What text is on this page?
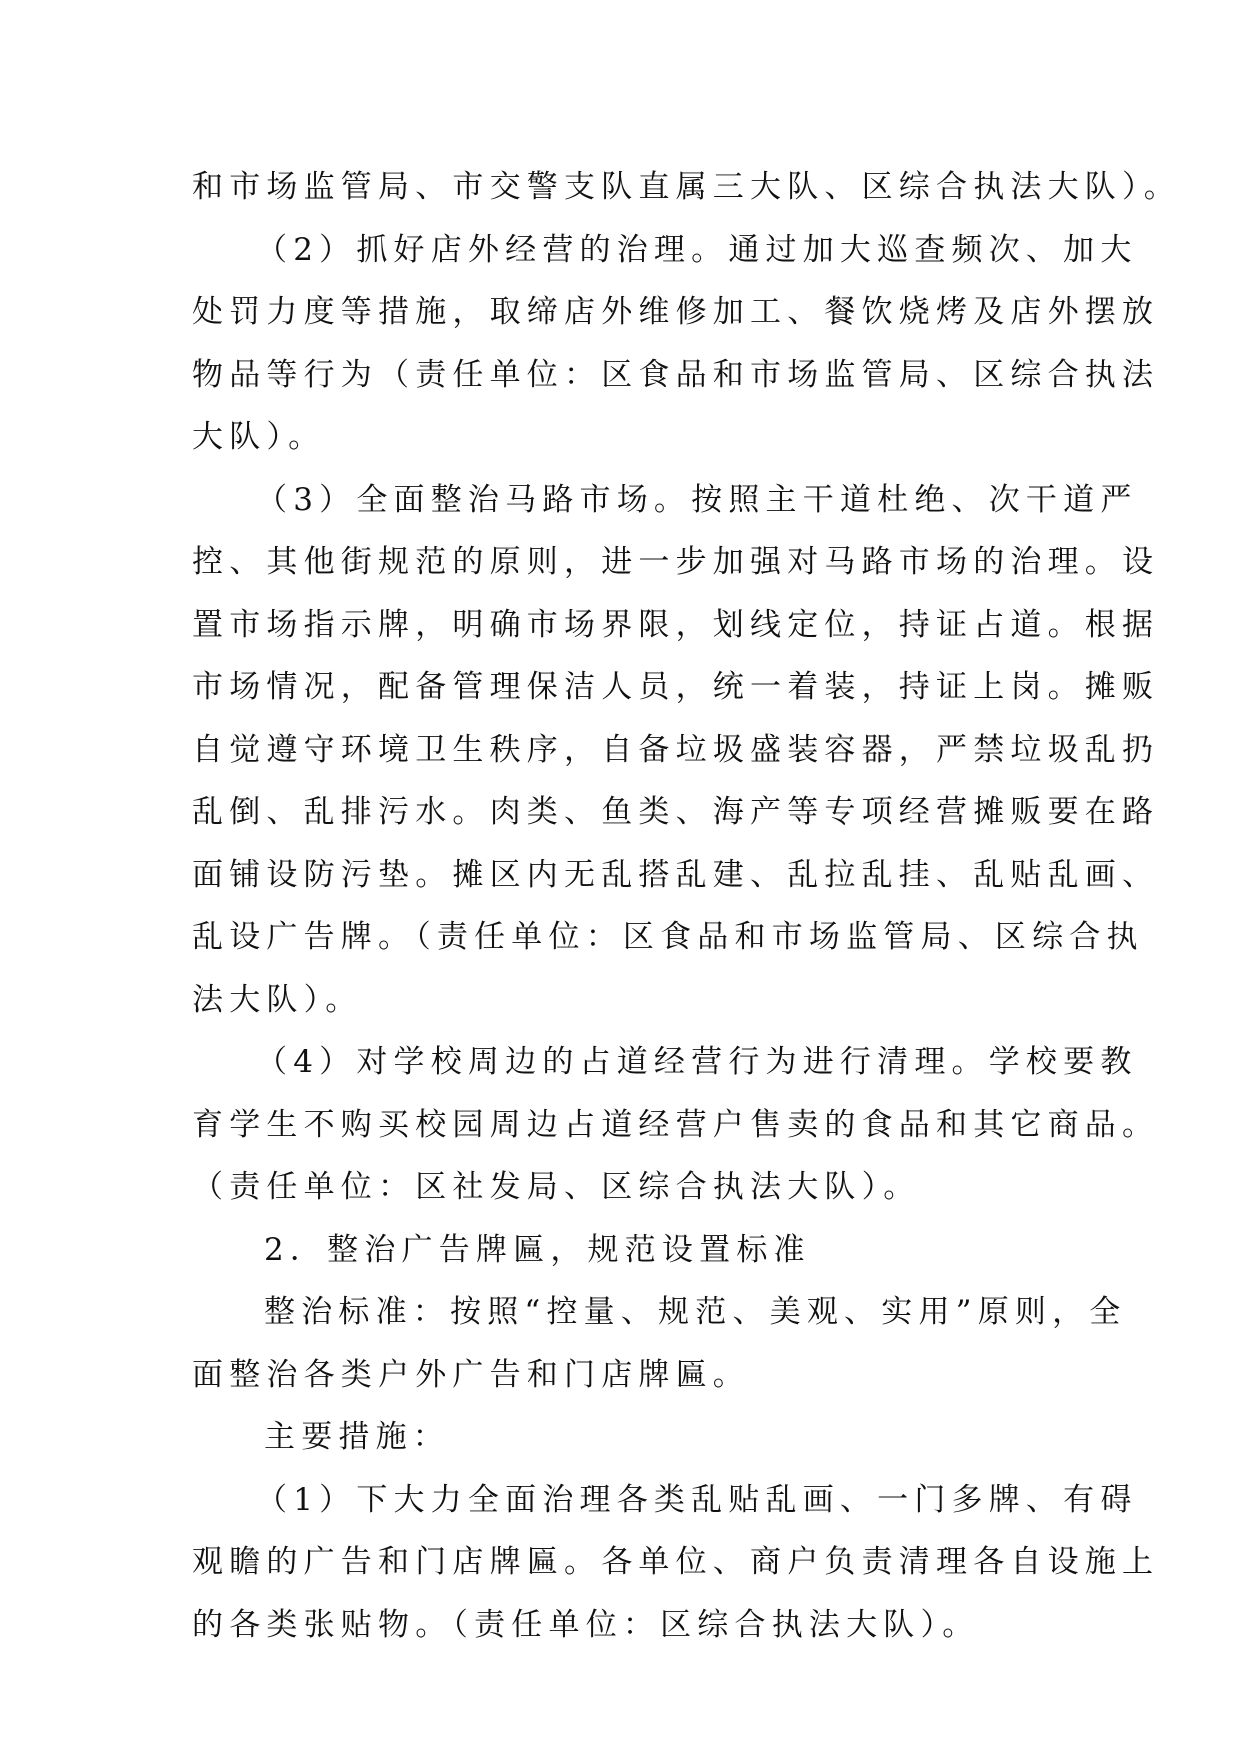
和市场监管局、市交警支队直属三大队、区综合执法大队）。
（2）抓好店外经营的治理。通过加大巡查频次、加大
处罚力度等措施，取缔店外维修加工、餐饮烧烤及店外摆放
物品等行为（责任单位：区食品和市场监管局、区综合执法
大队）。
（3）全面整治马路市场。按照主干道杜绝、次干道严
控、其他街规范的原则，进一步加强对马路市场的治理。设
置市场指示牌，明确市场界限，划线定位，持证占道。根据
市场情况，配备管理保洁人员，统一着装，持证上岗。摊贩
自觉遵守环境卫生秩序，自备垃圾盛装容器，严禁垃圾乱扔
乱倒、乱排污水。肉类、鱼类、海产等专项经营摊贩要在路
面铺设防污垫。摊区内无乱搭乱建、乱拉乱挂、乱贴乱画、
乱设广告牌。（责任单位：区食品和市场监管局、区综合执
法大队）。
（4）对学校周边的占道经营行为进行清理。学校要教
育学生不购买校园周边占道经营户售卖的食品和其它商品。
（责任单位：区社发局、区综合执法大队）。
2．整治广告牌匾，规范设置标准
整治标准：按照“控量、规范、美观、实用”原则，全
面整治各类户外广告和门店牌匾。
主要措施：
（1）下大力全面治理各类乱贴乱画、一门多牌、有碍
观瞻的广告和门店牌匾。各单位、商户负责清理各自设施上
的各类张贴物。（责任单位：区综合执法大队）。
